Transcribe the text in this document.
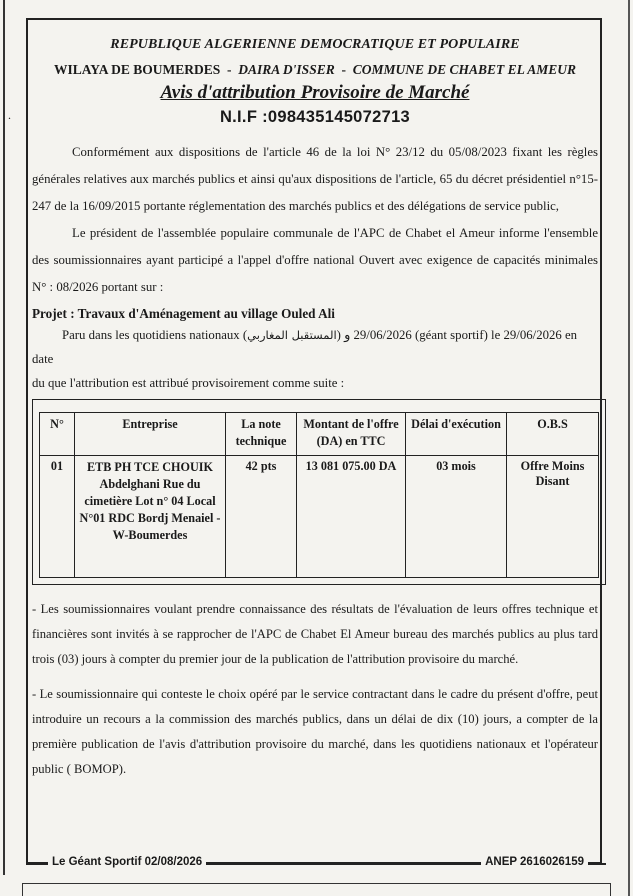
REPUBLIQUE ALGERIENNE DEMOCRATIQUE ET POPULAIRE
WILAYA DE BOUMERDES - DAIRA D'ISSER - COMMUNE DE CHABET EL AMEUR
Avis d'attribution Provisoire de Marché
N.I.F :098435145072713
Conformément aux dispositions de l'article 46 de la loi N° 23/12 du 05/08/2023 fixant les règles générales relatives aux marchés publics et ainsi qu'aux dispositions de l'article, 65 du décret présidentiel n°15-247 de la 16/09/2015 portante réglementation des marchés publics et des délégations de service public,
Le président de l'assemblée populaire communale de l'APC de Chabet el Ameur informe l'ensemble des soumissionnaires ayant participé a l'appel d'offre national Ouvert avec exigence de capacités minimales N° : 08/2026 portant sur :
Projet : Travaux d'Aménagement au village Ouled Ali
Paru dans les quotidiens nationaux (المستقبل المغاربي) 29/06/2026 و (géant sportif) le 29/06/2026 en date
du que l'attribution est attribué provisoirement comme suite :
N°	Entreprise	La note technique	Montant de l'offre (DA) en TTC	Délai d'exécution	O.B.S
01	ETB PH TCE CHOUIK Abdelghani Rue du cimetière Lot n° 04 Local N°01 RDC Bordj Menaiel -W-Boumerdes	42 pts	13 081 075.00 DA	03 mois	Offre Moins Disant
- Les soumissionnaires voulant prendre connaissance des résultats de l'évaluation de leurs offres technique et financières sont invités à se rapprocher de l'APC de Chabet El Ameur bureau des marchés publics au plus tard trois (03) jours à compter du premier jour de la publication de l'attribution provisoire du marché.
- Le soumissionnaire qui conteste le choix opéré par le service contractant dans le cadre du présent d'offre, peut introduire un recours a la commission des marchés publics, dans un délai de dix (10) jours, a compter de la première publication de l'avis d'attribution provisoire du marché, dans les quotidiens nationaux et l'opérateur public ( BOMOP).
.
Le Géant Sportif 02/08/2026	ANEP 2616026159
